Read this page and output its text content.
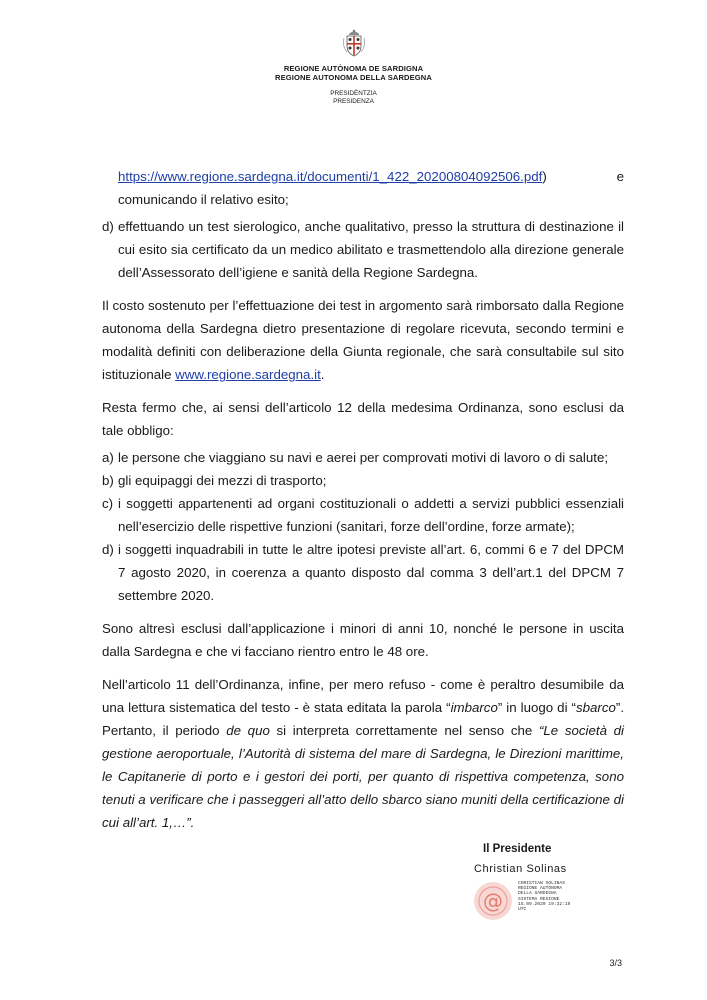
REGIONE AUTÒNOMA DE SARDIGNA
REGIONE AUTONOMA DELLA SARDEGNA
PRESIDÈNTZIA
PRESIDENZA

https://www.regione.sardegna.it/documenti/1_422_20200804092506.pdf) e comunicando il relativo esito;

d) effettuando un test sierologico, anche qualitativo, presso la struttura di destinazione il cui esito sia certificato da un medico abilitato e trasmettendolo alla direzione generale dell’Assessorato dell’igiene e sanità della Regione Sardegna.

Il costo sostenuto per l’effettuazione dei test in argomento sarà rimborsato dalla Regione autonoma della Sardegna dietro presentazione di regolare ricevuta, secondo termini e modalità definiti con deliberazione della Giunta regionale, che sarà consultabile sul sito istituzionale www.regione.sardegna.it.

Resta fermo che, ai sensi dell’articolo 12 della medesima Ordinanza, sono esclusi da tale obbligo:

a) le persone che viaggiano su navi e aerei per comprovati motivi di lavoro o di salute;

b) gli equipaggi dei mezzi di trasporto;

c) i soggetti appartenenti ad organi costituzionali o addetti a servizi pubblici essenziali nell’esercizio delle rispettive funzioni (sanitari, forze dell’ordine, forze armate);

d) i soggetti inquadrabili in tutte le altre ipotesi previste all’art. 6, commi 6 e 7 del DPCM 7 agosto 2020, in coerenza a quanto disposto dal comma 3 dell’art.1 del DPCM 7 settembre 2020.

Sono altresì esclusi dall’applicazione i minori di anni 10, nonché le persone in uscita dalla Sardegna e che vi facciano rientro entro le 48 ore.

Nell’articolo 11 dell’Ordinanza, infine, per mero refuso - come è peraltro desumibile da una lettura sistematica del testo - è stata editata la parola “imbarco” in luogo di “sbarco”. Pertanto, il periodo de quo si interpreta correttamente nel senso che “Le società di gestione aeroportuale, l’Autorità di sistema del mare di Sardegna, le Direzioni marittime, le Capitanerie di porto e i gestori dei porti, per quanto di rispettiva competenza, sono tenuti a verificare che i passeggeri all’atto dello sbarco siano muniti della certificazione di cui all’art. 1,…”.

Il Presidente
Christian Solinas
@
CHRISTIAN SOLINAS
REGIONE AUTONOMA
DELLA SARDEGNA
SISTEMA REGIONE
15.09.2020 19:32:19
UTC
3/3
